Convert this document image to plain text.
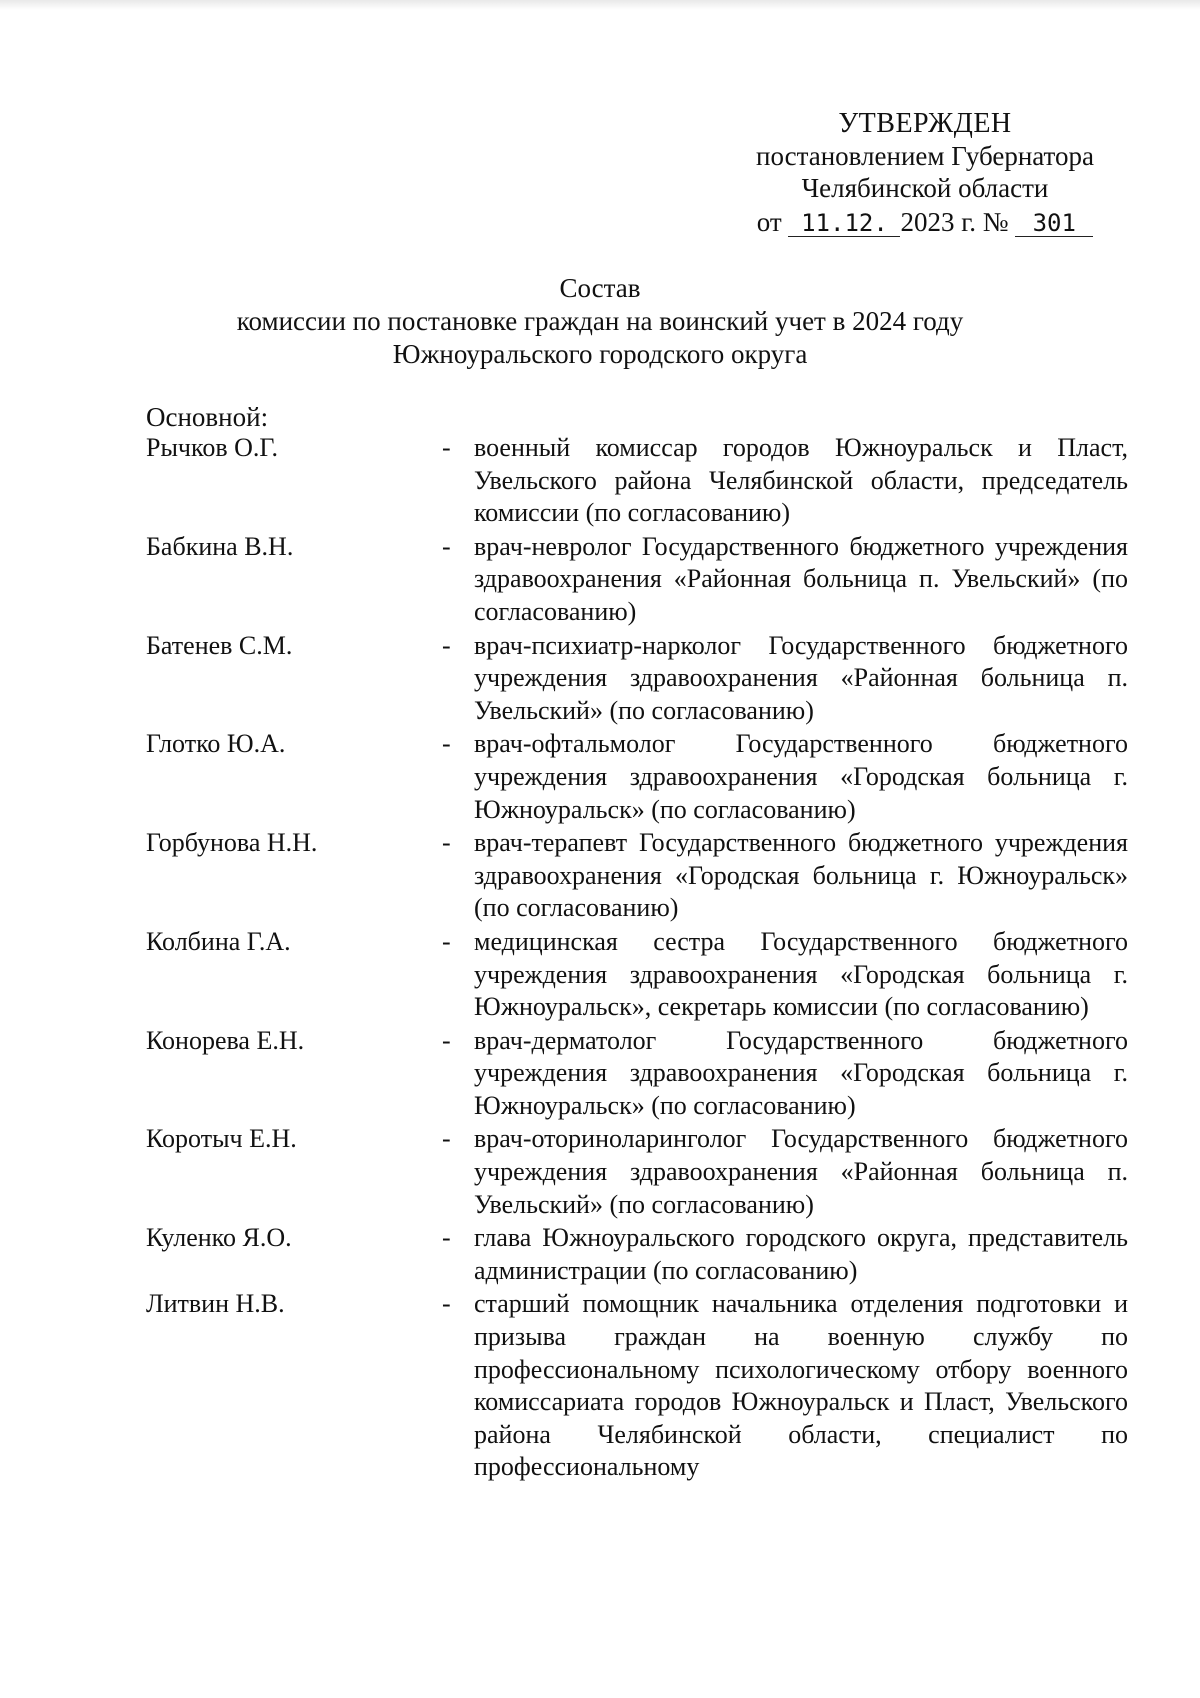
УТВЕРЖДЕН
постановлением Губернатора
Челябинской области
от 11.12. 2023 г. № 301
Состав
комиссии по постановке граждан на воинский учет в 2024 году
Южноуральского городского округа
Основной:
Рычков О.Г.	- военный комиссар городов Южноуральск и Пласт, Увельского района Челябинской области, председатель комиссии (по согласованию)
Бабкина В.Н.	- врач-невролог Государственного бюджетного учреждения здравоохранения «Районная больница п. Увельский» (по согласованию)
Батенев С.М.	- врач-психиатр-нарколог Государственного бюджетного учреждения здравоохранения «Районная больница п. Увельский» (по согласованию)
Глотко Ю.А.	- врач-офтальмолог Государственного бюджетного учреждения здравоохранения «Городская больница г. Южноуральск» (по согласованию)
Горбунова Н.Н.	- врач-терапевт Государственного бюджетного учреждения здравоохранения «Городская больница г. Южноуральск» (по согласованию)
Колбина Г.А.	- медицинская сестра Государственного бюджетного учреждения здравоохранения «Городская больница г. Южноуральск», секретарь комиссии (по согласованию)
Конорева Е.Н.	- врач-дерматолог Государственного бюджетного учреждения здравоохранения «Городская больница г. Южноуральск» (по согласованию)
Коротыч Е.Н.	- врач-оториноларинголог Государственного бюджетного учреждения здравоохранения «Районная больница п. Увельский» (по согласованию)
Куленко Я.О.	- глава Южноуральского городского округа, представитель администрации (по согласованию)
Литвин Н.В.	- старший помощник начальника отделения подготовки и призыва граждан на военную службу по профессиональному психологическому отбору военного комиссариата городов Южноуральск и Пласт, Увельского района Челябинской области, специалист по профессиональному
